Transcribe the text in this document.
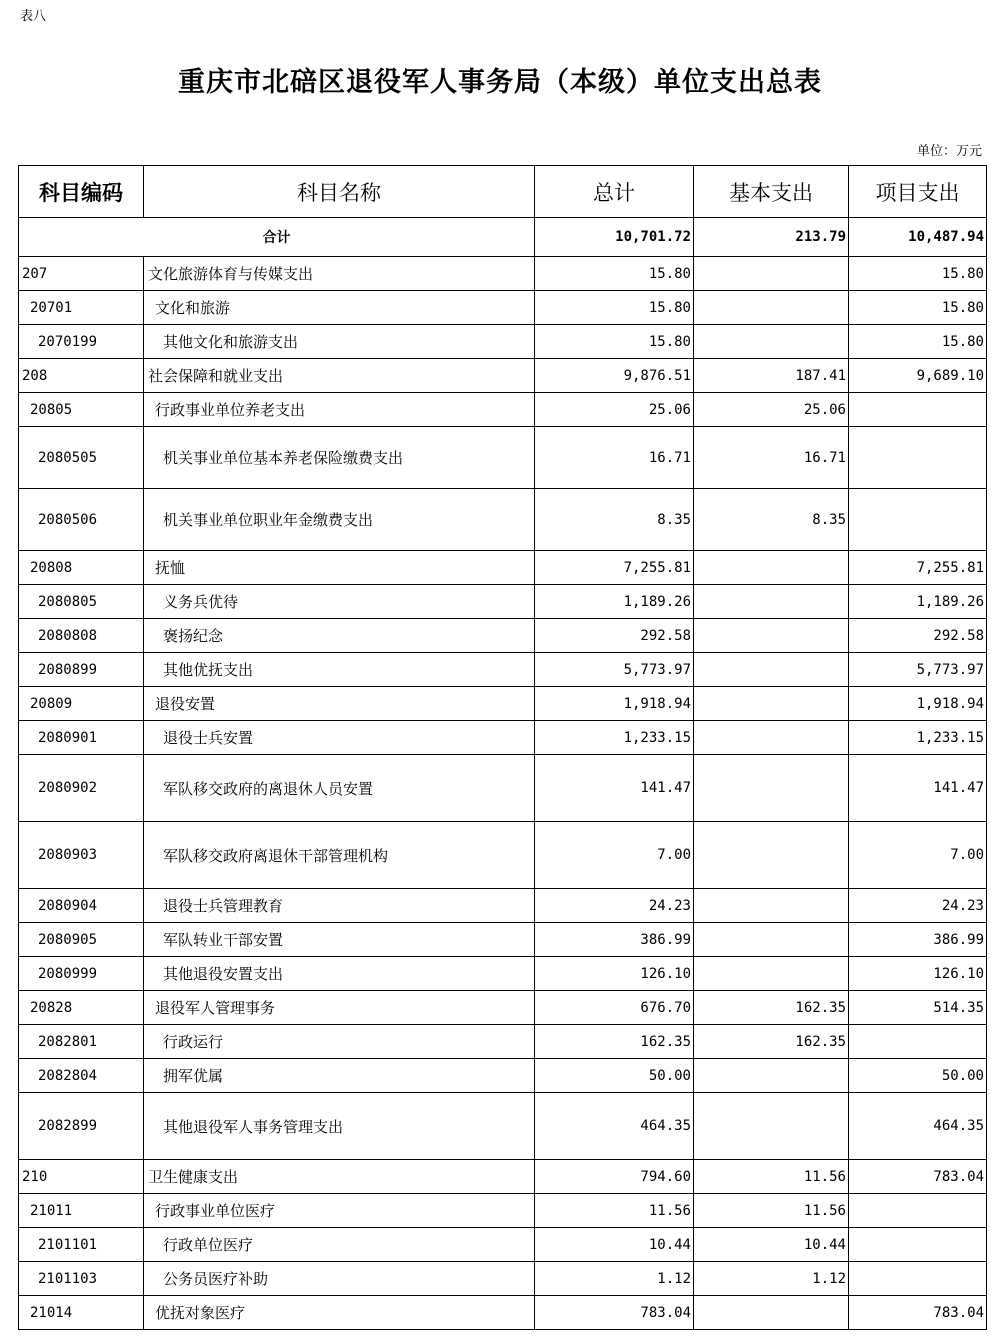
表八
重庆市北碚区退役军人事务局（本级）单位支出总表
单位：万元
科目编码	科目名称	总计	基本支出	项目支出
合计		10,701.72	213.79	10,487.94
207	文化旅游体育与传媒支出	15.80		15.80
20701	文化和旅游	15.80		15.80
2070199	其他文化和旅游支出	15.80		15.80
208	社会保障和就业支出	9,876.51	187.41	9,689.10
20805	行政事业单位养老支出	25.06	25.06	
2080505	机关事业单位基本养老保险缴费支出	16.71	16.71	
2080506	机关事业单位职业年金缴费支出	8.35	8.35	
20808	抚恤	7,255.81		7,255.81
2080805	义务兵优待	1,189.26		1,189.26
2080808	褒扬纪念	292.58		292.58
2080899	其他优抚支出	5,773.97		5,773.97
20809	退役安置	1,918.94		1,918.94
2080901	退役士兵安置	1,233.15		1,233.15
2080902	军队移交政府的离退休人员安置	141.47		141.47
2080903	军队移交政府离退休干部管理机构	7.00		7.00
2080904	退役士兵管理教育	24.23		24.23
2080905	军队转业干部安置	386.99		386.99
2080999	其他退役安置支出	126.10		126.10
20828	退役军人管理事务	676.70	162.35	514.35
2082801	行政运行	162.35	162.35	
2082804	拥军优属	50.00		50.00
2082899	其他退役军人事务管理支出	464.35		464.35
210	卫生健康支出	794.60	11.56	783.04
21011	行政事业单位医疗	11.56	11.56	
2101101	行政单位医疗	10.44	10.44	
2101103	公务员医疗补助	1.12	1.12	
21014	优抚对象医疗	783.04		783.04
